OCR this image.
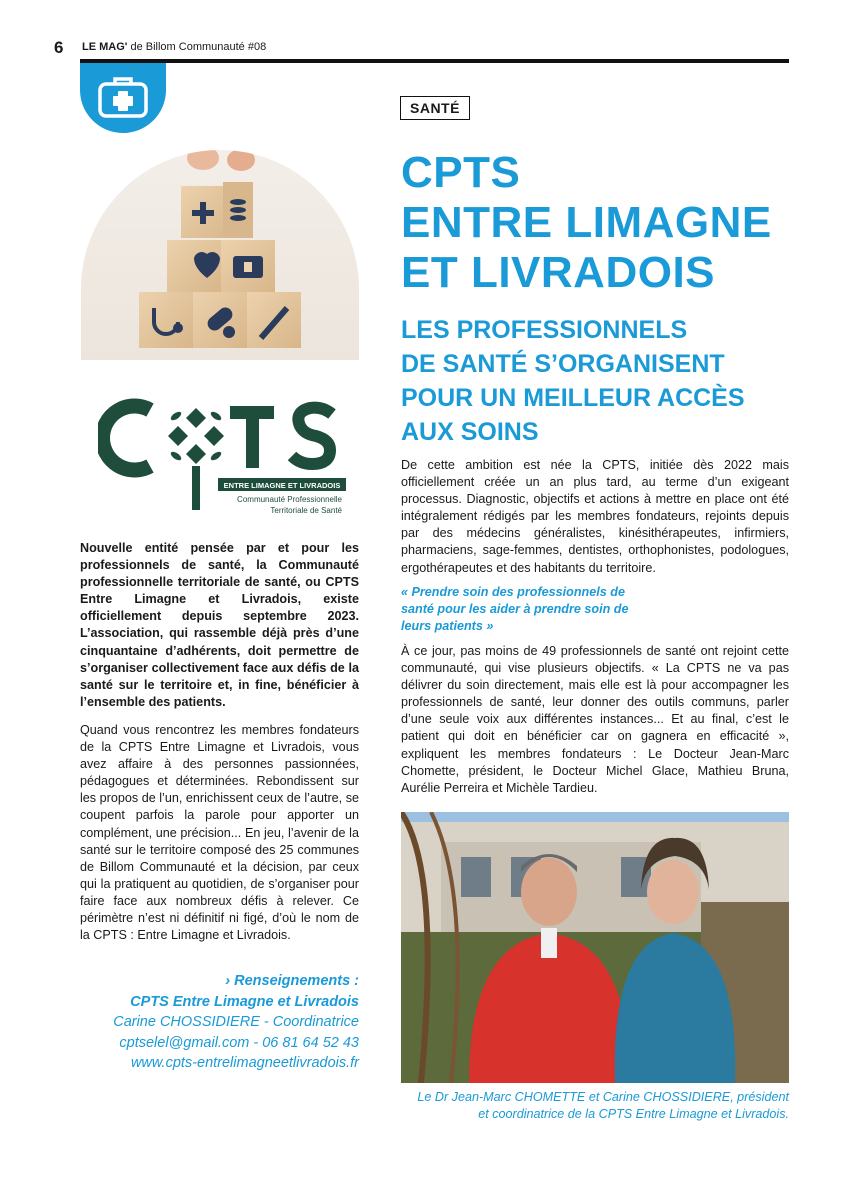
6 LE MAG' de Billom Communauté #08
SANTÉ
CPTS
ENTRE LIMAGNE
ET LIVRADOIS
LES PROFESSIONNELS
DE SANTÉ S’ORGANISENT
POUR UN MEILLEUR ACCÈS
AUX SOINS
ENTRE LIMAGNE ET LIVRADOIS
Communauté Professionnelle
Territoriale de Santé
Nouvelle entité pensée par et pour les professionnels de santé, la Communauté professionnelle territoriale de santé, ou CPTS Entre Limagne et Livradois, existe officiellement depuis septembre 2023. L’association, qui rassemble déjà près d’une cinquantaine d’adhérents, doit permettre de s’organiser collectivement face aux défis de la santé sur le territoire et, in fine, bénéficier à l’ensemble des patients.
Quand vous rencontrez les membres fondateurs de la CPTS Entre Limagne et Livradois, vous avez affaire à des personnes passionnées, pédagogues et déterminées. Rebondissent sur les propos de l’un, enrichissent ceux de l’autre, se coupent parfois la parole pour apporter un complément, une précision... En jeu, l’avenir de la santé sur le territoire composé des 25 communes de Billom Communauté et la décision, par ceux qui la pratiquent au quotidien, de s’organiser pour faire face aux nombreux défis à relever. Ce périmètre n’est ni définitif ni figé, d’où le nom de la CPTS : Entre Limagne et Livradois.
› Renseignements :
CPTS Entre Limagne et Livradois
Carine CHOSSIDIERE - Coordinatrice
cptselel@gmail.com - 06 81 64 52 43
www.cpts-entrelimagneetlivradois.fr
De cette ambition est née la CPTS, initiée dès 2022 mais officiellement créée un an plus tard, au terme d’un exigeant processus. Diagnostic, objectifs et actions à mettre en place ont été intégralement rédigés par les membres fondateurs, rejoints depuis par des médecins généralistes, kinésithérapeutes, infirmiers, pharmaciens, sage-femmes, dentistes, orthophonistes, podologues, ergothérapeutes et des habitants du territoire.
« Prendre soin des professionnels de santé pour les aider à prendre soin de leurs patients »
À ce jour, pas moins de 49 professionnels de santé ont rejoint cette communauté, qui vise plusieurs objectifs. « La CPTS ne va pas délivrer du soin directement, mais elle est là pour accompagner les professionnels de santé, leur donner des outils communs, parler d’une seule voix aux différentes instances... Et au final, c’est le patient qui doit en bénéficier car on gagnera en efficacité », expliquent les membres fondateurs : Le Docteur Jean-Marc Chomette, président, le Docteur Michel Glace, Mathieu Bruna, Aurélie Perreira et Michèle Tardieu.
Le Dr Jean-Marc CHOMETTE et Carine CHOSSIDIERE, président
et coordinatrice de la CPTS Entre Limagne et Livradois.
